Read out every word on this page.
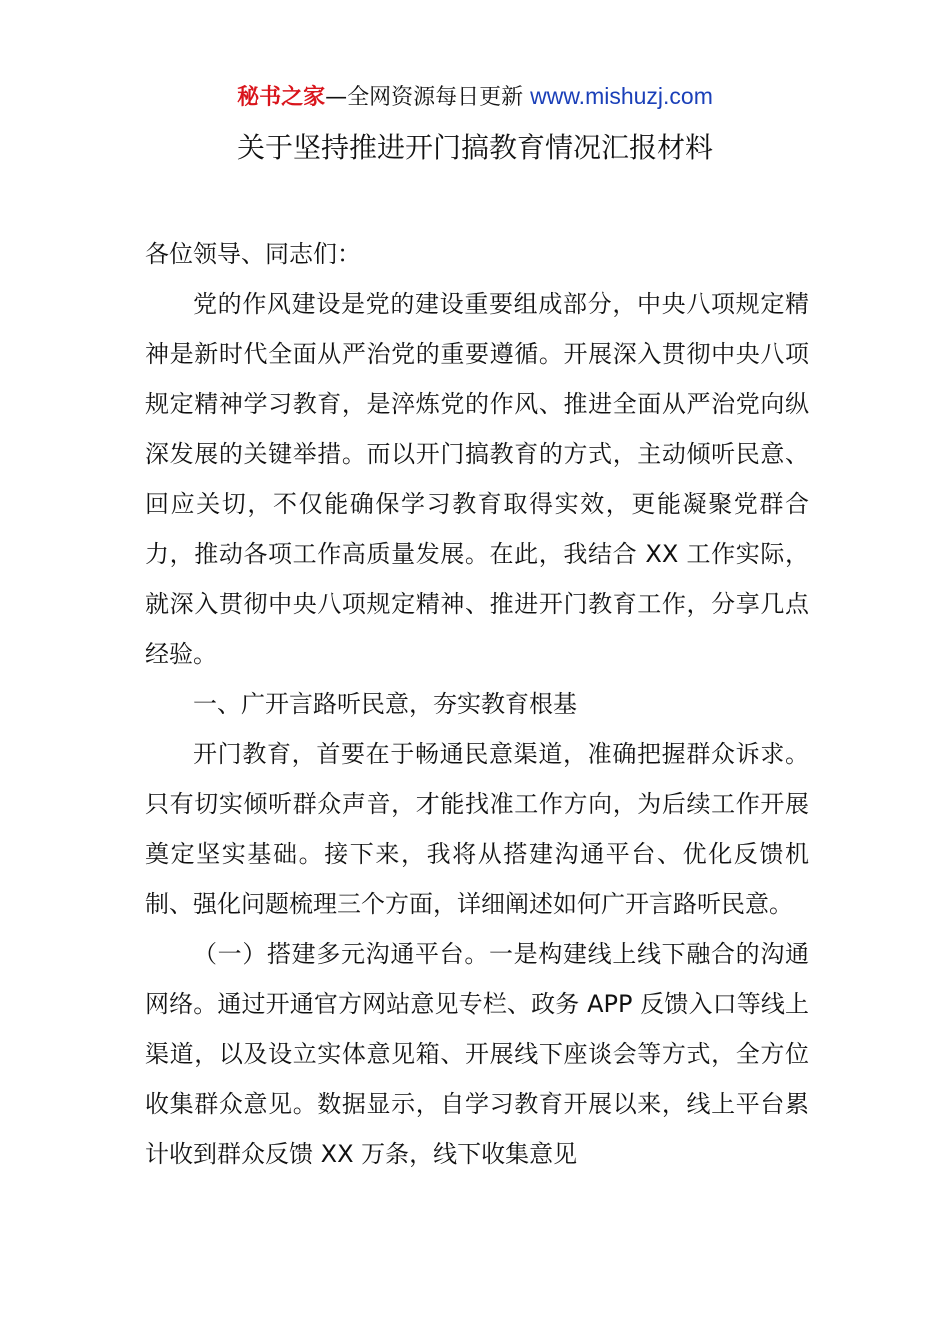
秘书之家—全网资源每日更新 www.mishuzj.com
关于坚持推进开门搞教育情况汇报材料

各位领导、同志们：

党的作风建设是党的建设重要组成部分，中央八项规定精神是新时代全面从严治党的重要遵循。开展深入贯彻中央八项规定精神学习教育，是淬炼党的作风、推进全面从严治党向纵深发展的关键举措。而以开门搞教育的方式，主动倾听民意、回应关切，不仅能确保学习教育取得实效，更能凝聚党群合力，推动各项工作高质量发展。在此，我结合 XX 工作实际，就深入贯彻中央八项规定精神、推进开门教育工作，分享几点经验。

一、广开言路听民意，夯实教育根基

开门教育，首要在于畅通民意渠道，准确把握群众诉求。只有切实倾听群众声音，才能找准工作方向，为后续工作开展奠定坚实基础。接下来，我将从搭建沟通平台、优化反馈机制、强化问题梳理三个方面，详细阐述如何广开言路听民意。

（一）搭建多元沟通平台。一是构建线上线下融合的沟通网络。通过开通官方网站意见专栏、政务 APP 反馈入口等线上渠道，以及设立实体意见箱、开展线下座谈会等方式，全方位收集群众意见。数据显示，自学习教育开展以来，线上平台累计收到群众反馈 XX 万条，线下收集意见
